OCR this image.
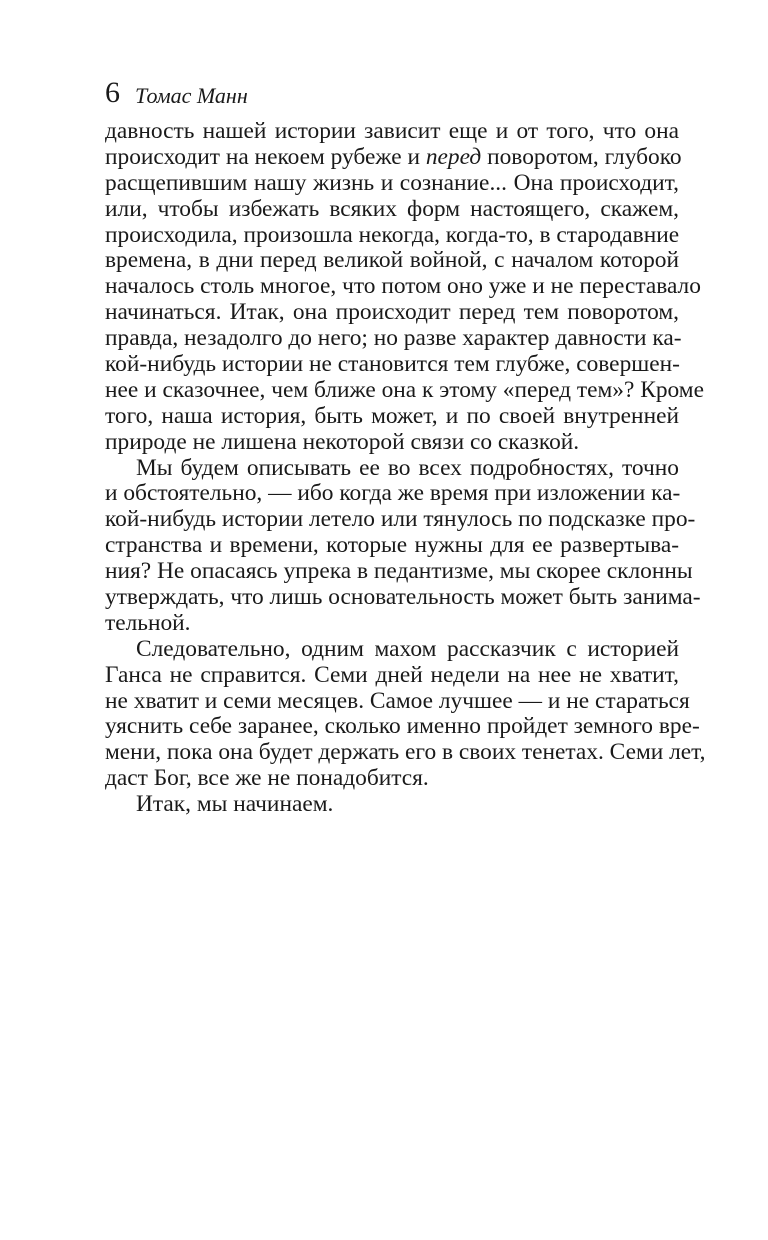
6 Томас Манн
давность нашей истории зависит еще и от того, что она
происходит на некоем рубеже и перед поворотом, глубоко
расщепившим нашу жизнь и сознание... Она происходит,
или, чтобы избежать всяких форм настоящего, скажем,
происходила, произошла некогда, когда-то, в стародавние
времена, в дни перед великой войной, с началом которой
началось столь многое, что потом оно уже и не переставало
начинаться. Итак, она происходит перед тем поворотом,
правда, незадолго до него; но разве характер давности ка-
кой-нибудь истории не становится тем глубже, совершен-
нее и сказочнее, чем ближе она к этому «перед тем»? Кроме
того, наша история, быть может, и по своей внутренней
природе не лишена некоторой связи со сказкой.
Мы будем описывать ее во всех подробностях, точно
и обстоятельно, — ибо когда же время при изложении ка-
кой-нибудь истории летело или тянулось по подсказке про-
странства и времени, которые нужны для ее развертыва-
ния? Не опасаясь упрека в педантизме, мы скорее склонны
утверждать, что лишь основательность может быть занима-
тельной.
Следовательно, одним махом рассказчик с историей
Ганса не справится. Семи дней недели на нее не хватит,
не хватит и семи месяцев. Самое лучшее — и не стараться
уяснить себе заранее, сколько именно пройдет земного вре-
мени, пока она будет держать его в своих тенетах. Семи лет,
даст Бог, все же не понадобится.
Итак, мы начинаем.
